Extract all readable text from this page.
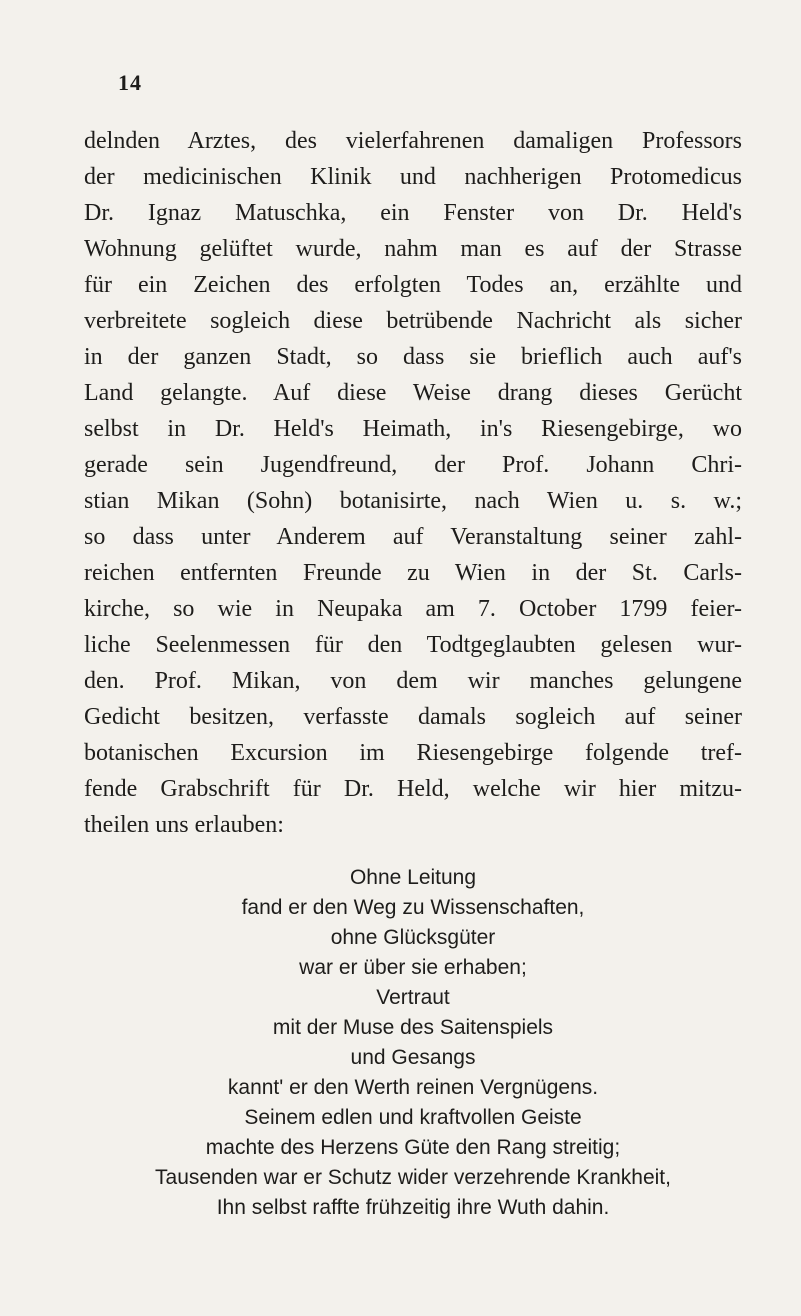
14
delnden Arztes, des vielerfahrenen damaligen Professors
der medicinischen Klinik und nachherigen Protomedicus
Dr. Ignaz Matuschka, ein Fenster von Dr. Held's
Wohnung gelüftet wurde, nahm man es auf der Strasse
für ein Zeichen des erfolgten Todes an, erzählte und
verbreitete sogleich diese betrübende Nachricht als sicher
in der ganzen Stadt, so dass sie brieflich auch auf's
Land gelangte. Auf diese Weise drang dieses Gerücht
selbst in Dr. Held's Heimath, in's Riesengebirge, wo
gerade sein Jugendfreund, der Prof. Johann Chri-
stian Mikan (Sohn) botanisirte, nach Wien u. s. w.;
so dass unter Anderem auf Veranstaltung seiner zahl-
reichen entfernten Freunde zu Wien in der St. Carls-
kirche, so wie in Neupaka am 7. October 1799 feier-
liche Seelenmessen für den Todtgeglaubten gelesen wur-
den. Prof. Mikan, von dem wir manches gelungene
Gedicht besitzen, verfasste damals sogleich auf seiner
botanischen Excursion im Riesengebirge folgende tref-
fende Grabschrift für Dr. Held, welche wir hier mitzu-
theilen uns erlauben:
Ohne Leitung
fand er den Weg zu Wissenschaften,
ohne Glücksgüter
war er über sie erhaben;
Vertraut
mit der Muse des Saitenspiels
und Gesangs
kannt' er den Werth reinen Vergnügens.
Seinem edlen und kraftvollen Geiste
machte des Herzens Güte den Rang streitig;
Tausenden war er Schutz wider verzehrende Krankheit,
Ihn selbst raffte frühzeitig ihre Wuth dahin.
